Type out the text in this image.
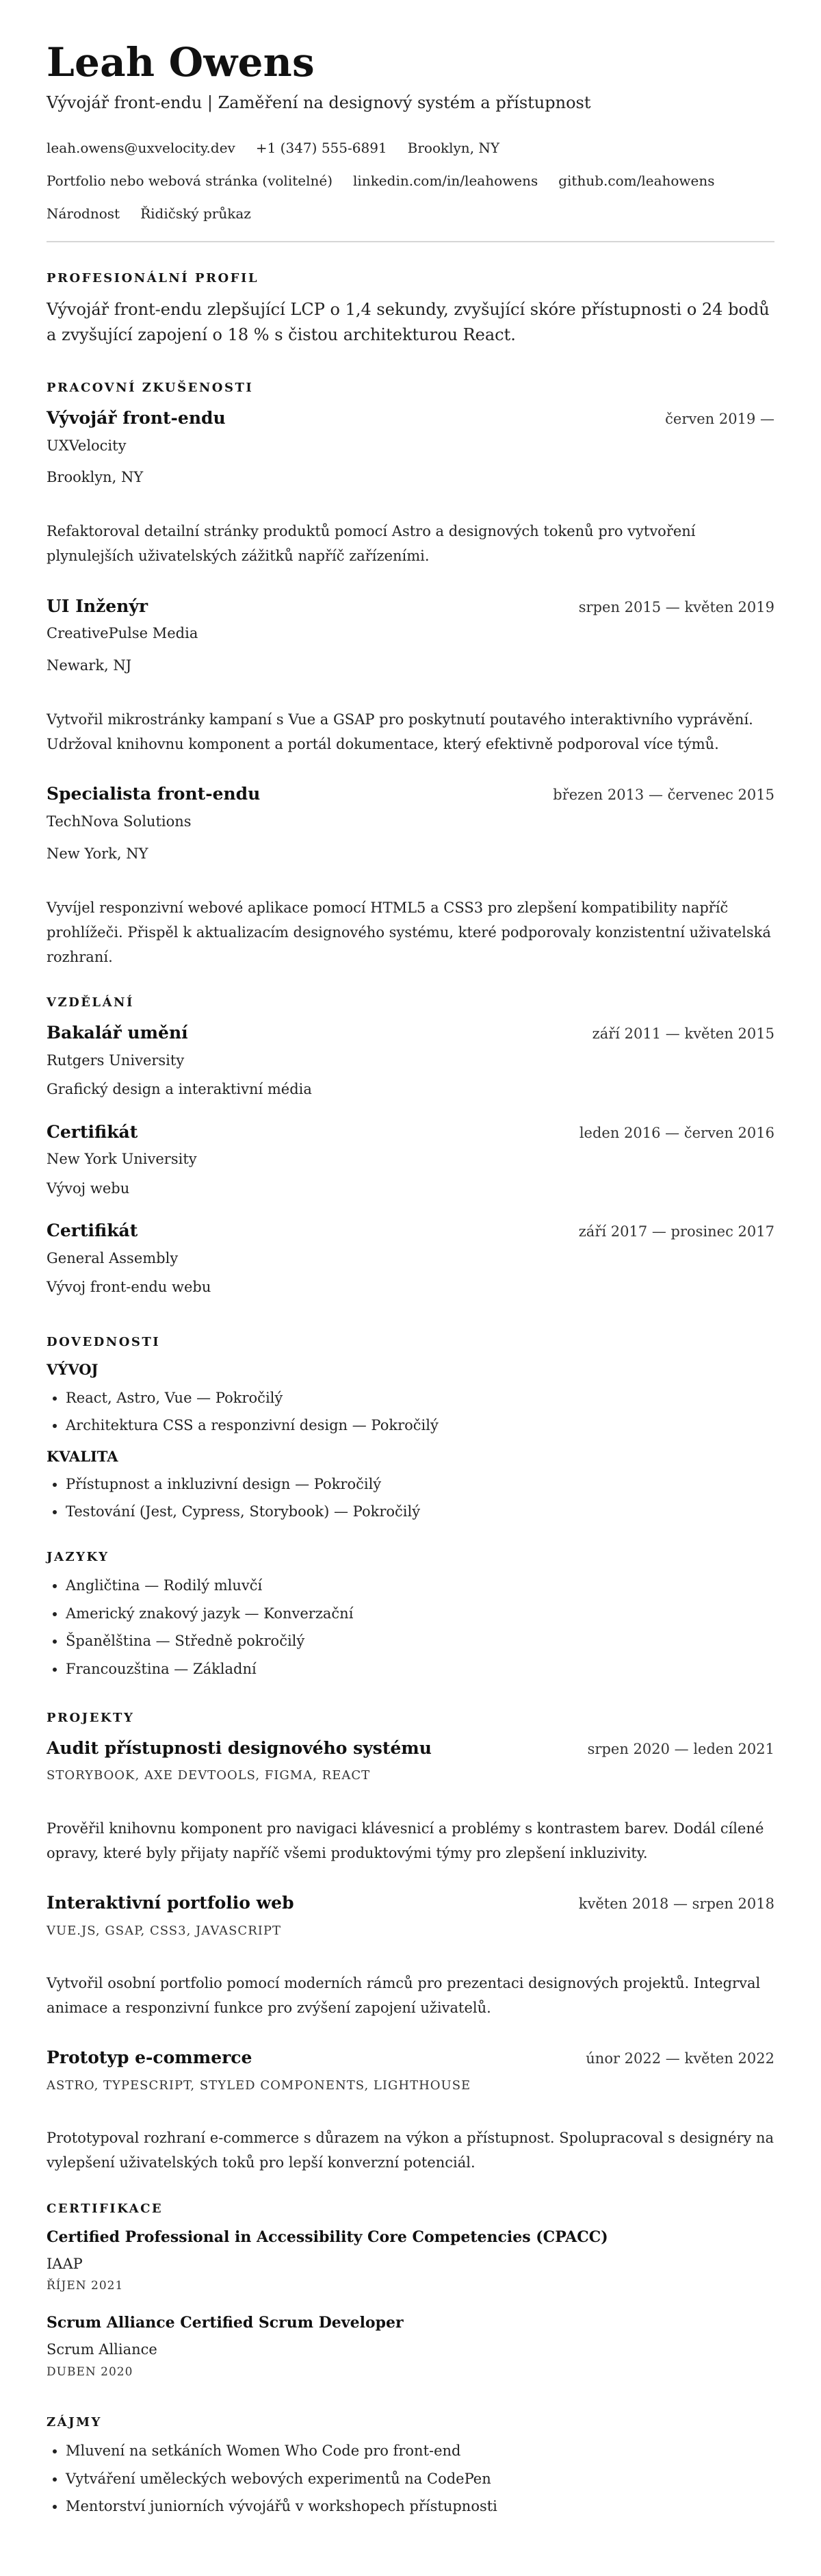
Leah Owens
Vývojář front-endu | Zaměření na designový systém a přístupnost
leah.owens@uxvelocity.dev +1 (347) 555-6891 Brooklyn, NY
Portfolio nebo webová stránka (volitelné) linkedin.com/in/leahowens github.com/leahowens
Národnost Řidičský průkaz
PROFESIONÁLNÍ PROFIL

Vývojář front-endu zlepšující LCP o 1,4 sekundy, zvyšující skóre přístupnosti o 24 bodů a zvyšující zapojení o 18 % s čistou architekturou React.

PRACOVNÍ ZKUŠENOSTI
Vývojář front-endu	červen 2019 —
UXVelocity
Brooklyn, NY

Refaktoroval detailní stránky produktů pomocí Astro a designových tokenů pro vytvoření plynulejších uživatelských zážitků napříč zařízeními.

UI Inženýr	srpen 2015 — květen 2019
CreativePulse Media
Newark, NJ

Vytvořil mikrostránky kampaní s Vue a GSAP pro poskytnutí poutavého interaktivního vyprávění. Udržoval knihovnu komponent a portál dokumentace, který efektivně podporoval více týmů.

Specialista front-endu	březen 2013 — červenec 2015
TechNova Solutions
New York, NY

Vyvíjel responzivní webové aplikace pomocí HTML5 a CSS3 pro zlepšení kompatibility napříč prohlížeči. Přispěl k aktualizacím designového systému, které podporovaly konzistentní uživatelská rozhraní.

VZDĚLÁNÍ
Bakalář umění	září 2011 — květen 2015
Rutgers University
Grafický design a interaktivní média
Certifikát	leden 2016 — červen 2016
New York University
Vývoj webu
Certifikát	září 2017 — prosinec 2017
General Assembly
Vývoj front-endu webu
DOVEDNOSTI
VÝVOJ
• React, Astro, Vue — Pokročilý
• Architektura CSS a responzivní design — Pokročilý
KVALITA
• Přístupnost a inkluzivní design — Pokročilý
• Testování (Jest, Cypress, Storybook) — Pokročilý
JAZYKY
• Angličtina — Rodilý mluvčí
• Americký znakový jazyk — Konverzační
• Španělština — Středně pokročilý
• Francouzština — Základní
PROJEKTY
Audit přístupnosti designového systému	srpen 2020 — leden 2021
STORYBOOK, AXE DEVTOOLS, FIGMA, REACT

Prověřil knihovnu komponent pro navigaci klávesnicí a problémy s kontrastem barev. Dodál cílené opravy, které byly přijaty napříč všemi produktovými týmy pro zlepšení inkluzivity.

Interaktivní portfolio web	květen 2018 — srpen 2018
VUE.JS, GSAP, CSS3, JAVASCRIPT

Vytvořil osobní portfolio pomocí moderních rámců pro prezentaci designových projektů. Integrval animace a responzivní funkce pro zvýšení zapojení uživatelů.

Prototyp e-commerce	únor 2022 — květen 2022
ASTRO, TYPESCRIPT, STYLED COMPONENTS, LIGHTHOUSE

Prototypoval rozhraní e-commerce s důrazem na výkon a přístupnost. Spolupracoval s designéry na vylepšení uživatelských toků pro lepší konverzní potenciál.

CERTIFIKACE
Certified Professional in Accessibility Core Competencies (CPACC)
IAAP
ŘÍJEN 2021
Scrum Alliance Certified Scrum Developer
Scrum Alliance
DUBEN 2020
ZÁJMY
• Mluvení na setkáních Women Who Code pro front-end
• Vytváření uměleckých webových experimentů na CodePen
• Mentorství juniorních vývojářů v workshopech přístupnosti
